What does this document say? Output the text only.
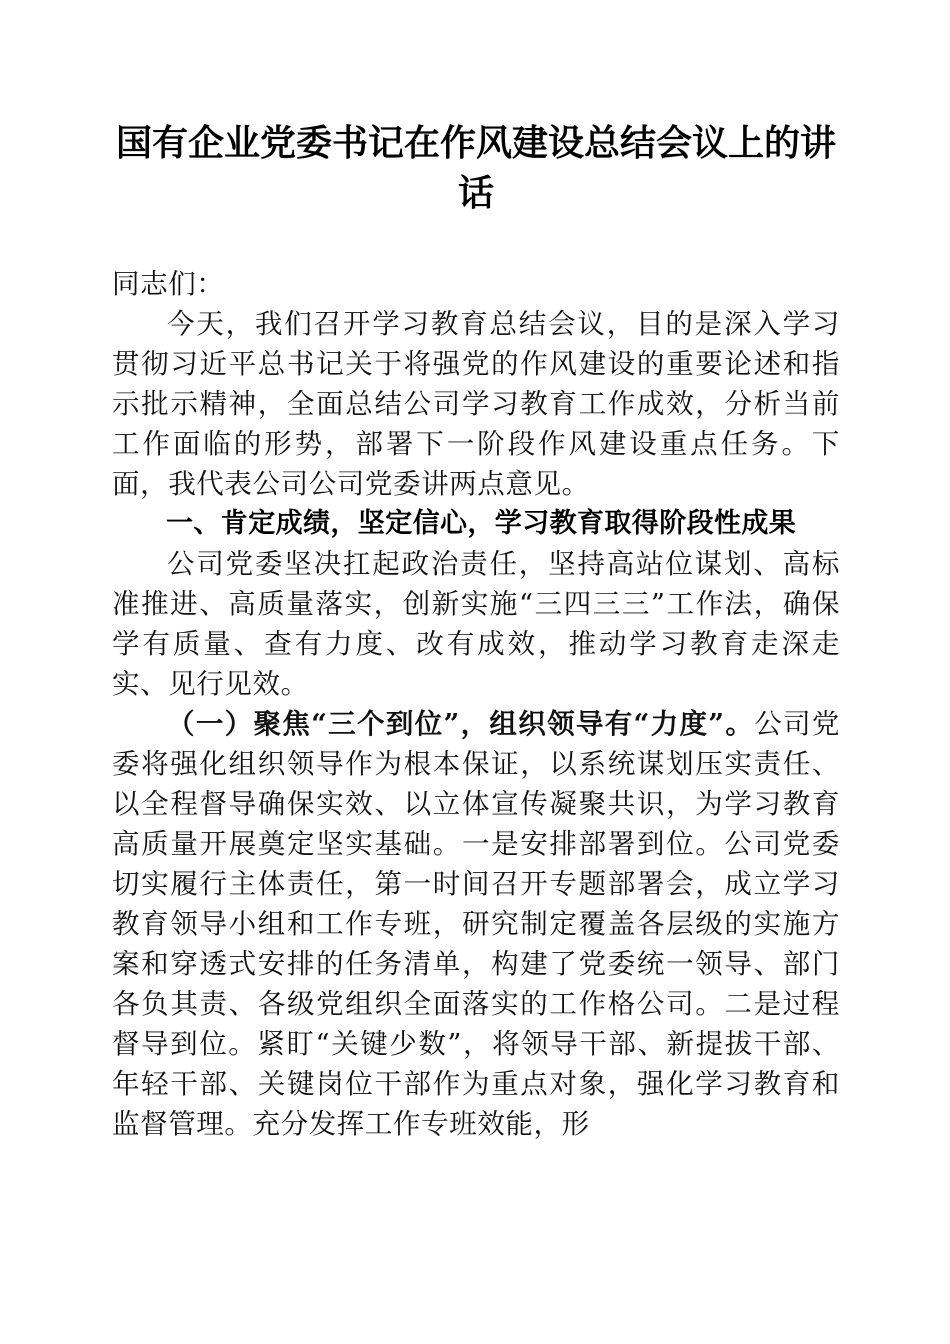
国有企业党委书记在作风建设总结会议上的讲话

同志们：

今天，我们召开学习教育总结会议，目的是深入学习贯彻习近平总书记关于将强党的作风建设的重要论述和指示批示精神，全面总结公司学习教育工作成效，分析当前工作面临的形势，部署下一阶段作风建设重点任务。下面，我代表公司公司党委讲两点意见。

一、肯定成绩，坚定信心，学习教育取得阶段性成果

公司党委坚决扛起政治责任，坚持高站位谋划、高标准推进、高质量落实，创新实施“三四三三”工作法，确保学有质量、查有力度、改有成效，推动学习教育走深走实、见行见效。

（一）聚焦“三个到位”，组织领导有“力度”。公司党委将强化组织领导作为根本保证，以系统谋划压实责任、以全程督导确保实效、以立体宣传凝聚共识，为学习教育高质量开展奠定坚实基础。一是安排部署到位。公司党委切实履行主体责任，第一时间召开专题部署会，成立学习教育领导小组和工作专班，研究制定覆盖各层级的实施方案和穿透式安排的任务清单，构建了党委统一领导、部门各负其责、各级党组织全面落实的工作格公司。二是过程督导到位。紧盯“关键少数”，将领导干部、新提拔干部、年轻干部、关键岗位干部作为重点对象，强化学习教育和监督管理。充分发挥工作专班效能，形
